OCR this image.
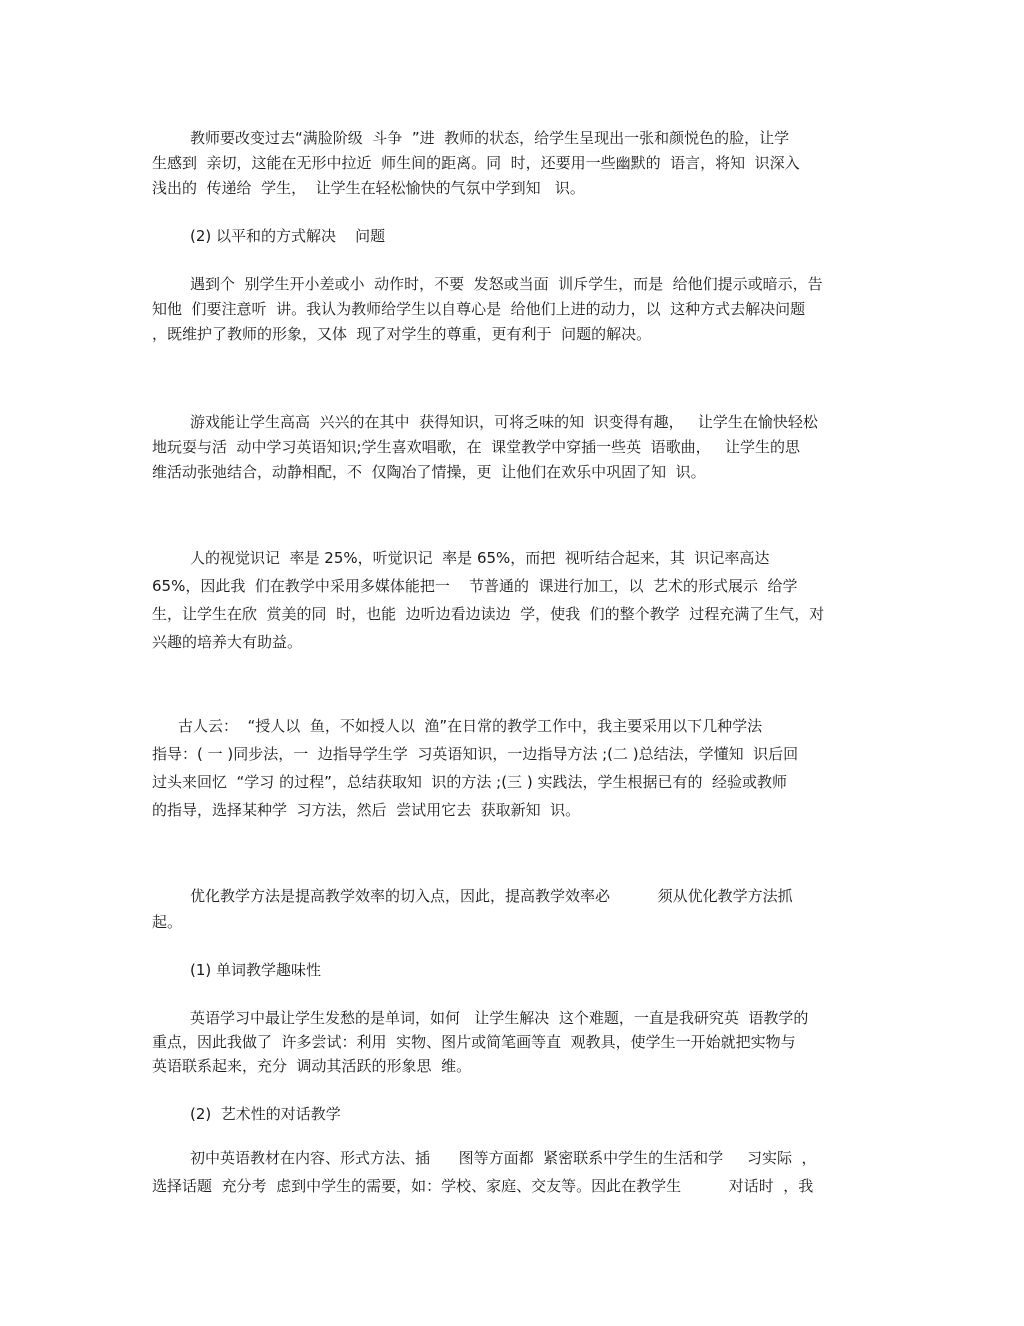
教师要改变过去“满脸阶级  斗争  ”进  教师的状态，给学生呈现出一张和颜悦色的脸，让学

生感到  亲切，这能在无形中拉近  师生间的距离。同  时，还要用一些幽默的  语言，将知  识深入

浅出的  传递给  学生，  让学生在轻松愉快的气氛中学到知   识。

(2) 以平和的方式解决    问题

遇到个  别学生开小差或小  动作时，不要  发怒或当面  训斥学生，而是  给他们提示或暗示，告

知他  们要注意听  讲。我认为教师给学生以自尊心是  给他们上进的动力，以  这种方式去解决问题

，既维护了教师的形象，又体  现了对学生的尊重，更有利于  问题的解决。

游戏能让学生高高  兴兴的在其中  获得知识，可将乏味的知  识变得有趣，   让学生在愉快轻松

地玩耍与活  动中学习英语知识;学生喜欢唱歌，在  课堂教学中穿插一些英  语歌曲，   让学生的思

维活动张弛结合，动静相配，不  仅陶冶了情操，更  让他们在欢乐中巩固了知  识。

人的视觉识记  率是 25%，听觉识记  率是 65%，而把  视听结合起来，其  识记率高达

65%，因此我  们在教学中采用多媒体能把一    节普通的  课进行加工，以  艺术的形式展示  给学

生，让学生在欣  赏美的同  时，也能  边听边看边读边  学，使我  们的整个教学  过程充满了生气，对

兴趣的培养大有助益。

古人云：  “授人以  鱼，不如授人以  渔”在日常的教学工作中，我主要采用以下几种学法

指导：( 一 )同步法，一  边指导学生学  习英语知识，一边指导方法 ;(二 )总结法，学懂知  识后回

过头来回忆  “学习 的过程”，总结获取知  识的方法 ;(三 ) 实践法，学生根据已有的  经验或教师

的指导，选择某种学  习方法，然后  尝试用它去  获取新知  识。

优化教学方法是提高教学效率的切入点，因此，提高教学效率必          须从优化教学方法抓

起。

(1) 单词教学趣味性

英语学习中最让学生发愁的是单词，如何   让学生解决  这个难题，一直是我研究英  语教学的

重点，因此我做了  许多尝试：利用  实物、图片或简笔画等直  观教具，使学生一开始就把实物与

英语联系起来，充分  调动其活跃的形象思  维。

(2)  艺术性的对话教学

初中英语教材在内容、形式方法、插      图等方面都  紧密联系中学生的生活和学     习实际  ，

选择话题  充分考  虑到中学生的需要，如：学校、家庭、交友等。因此在教学生          对话时  ，我
